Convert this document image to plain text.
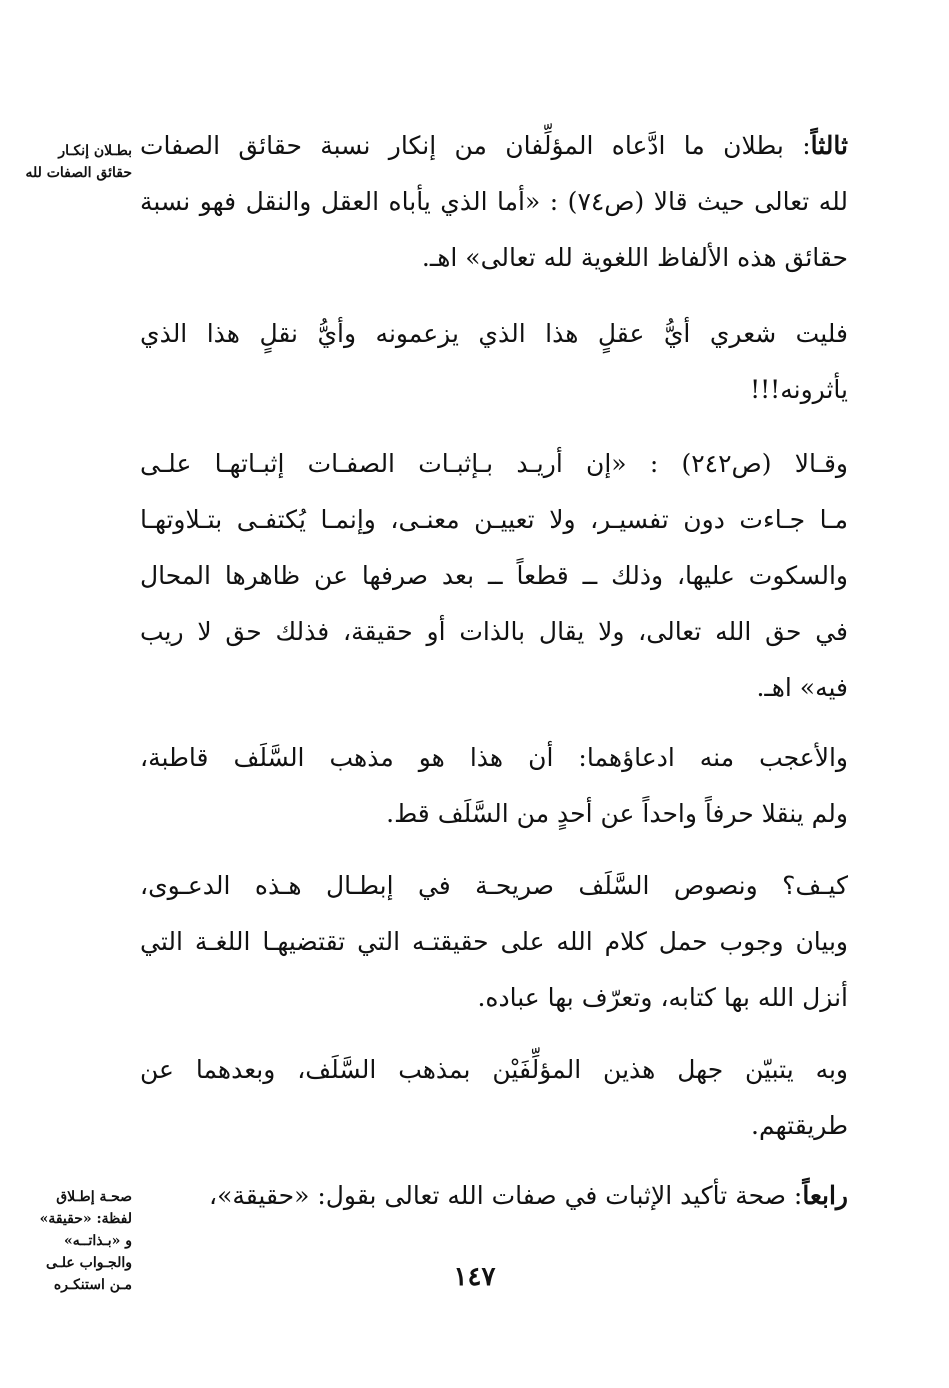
بطـلان إنكـار
حقائق الصفات لله
ثالثاً: بطلان ما ادَّعاه المؤلِّفان من إنكار نسبة حقائق الصفات
لله تعالى حيث قالا (ص٧٤) : «أما الذي يأباه العقل والنقل فهو نسبة
حقائق هذه الألفاظ اللغوية لله تعالى» اهـ.
فليت شعري أيُّ عقلٍ هذا الذي يزعمونه وأيُّ نقلٍ هذا الذي
يأثرونه!!!
وقـالا (ص٢٤٢) : «إن أريـد بـإثبـات الصفـات إثبـاتهـا علـى
مـا جـاءت دون تفسيـر، ولا تعييـن معنـى، وإنمـا يُكتفـى بتـلاوتهـا
والسكوت عليها، وذلك ــ قطعاً ــ بعد صرفها عن ظاهرها المحال
في حق الله تعالى، ولا يقال بالذات أو حقيقة، فذلك حق لا ريب
فيه» اهـ.
والأعجب منه ادعاؤهما: أن هذا هو مذهب السَّلَف قاطبة،
ولم ينقلا حرفاً واحداً عن أحدٍ من السَّلَف قط.
كيـف؟ ونصوص السَّلَف صريحـة في إبطـال هـذه الدعـوى،
وبيان وجوب حمل كلام الله على حقيقتـه التي تقتضيهـا اللغـة التي
أنزل الله بها كتابه، وتعرّف بها عباده.
وبه يتبيّن جهل هذين المؤلِّفَيْن بمذهب السَّلَف، وبعدهما عن
طريقتهم.
صحـة إطـلاق
لفظة: «حقيقة»
و «بـذاتــه»
والجـواب علـى
مـن استنكـره
رابعاً: صحة تأكيد الإثبات في صفات الله تعالى بقول: «حقيقة»،
١٤٧
